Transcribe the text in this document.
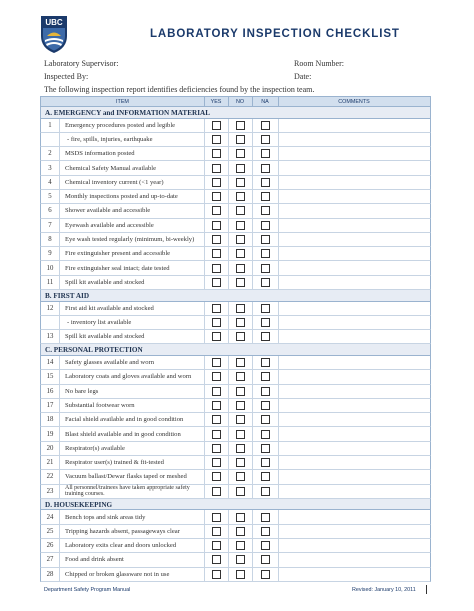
UBC
LABORATORY INSPECTION CHECKLIST
Laboratory Supervisor:	Room Number:
Inspected By:	Date:
The following inspection report identifies deficiencies found by the inspection team.
ITEM	YES	NO	NA	COMMENTS
A. EMERGENCY and INFORMATION MATERIAL
1	Emergency procedures posted and legible
- fire, spills, injuries, earthquake
2	MSDS information posted
3	Chemical Safety Manual available
4	Chemical inventory current (<1 year)
5	Monthly inspections posted and up-to-date
6	Shower available and accessible
7	Eyewash available and accessible
8	Eye wash tested regularly (minimum, bi-weekly)
9	Fire extinguisher present and accessible
10	Fire extinguisher seal intact; date tested
11	Spill kit available and stocked
B. FIRST AID
12	First aid kit available and stocked
- inventory list available
13	Spill kit available and stocked
C. PERSONAL PROTECTION
14	Safety glasses available and worn
15	Laboratory coats and gloves available and worn
16	No bare legs
17	Substantial footwear worn
18	Facial shield available and in good condition
19	Blast shield available and in good condition
20	Respirator(s) available
21	Respirator user(s) trained & fit-tested
22	Vacuum ballast/Dewar flasks taped or meshed
23	All personnel/trainees have taken appropriate safety training courses.
D. HOUSEKEEPING
24	Bench tops and sink areas tidy
25	Tripping hazards absent, passageways clear
26	Laboratory exits clear and doors unlocked
27	Food and drink absent
28	Chipped or broken glassware not in use
Department Safety Program Manual	Revised: January 10, 2011
